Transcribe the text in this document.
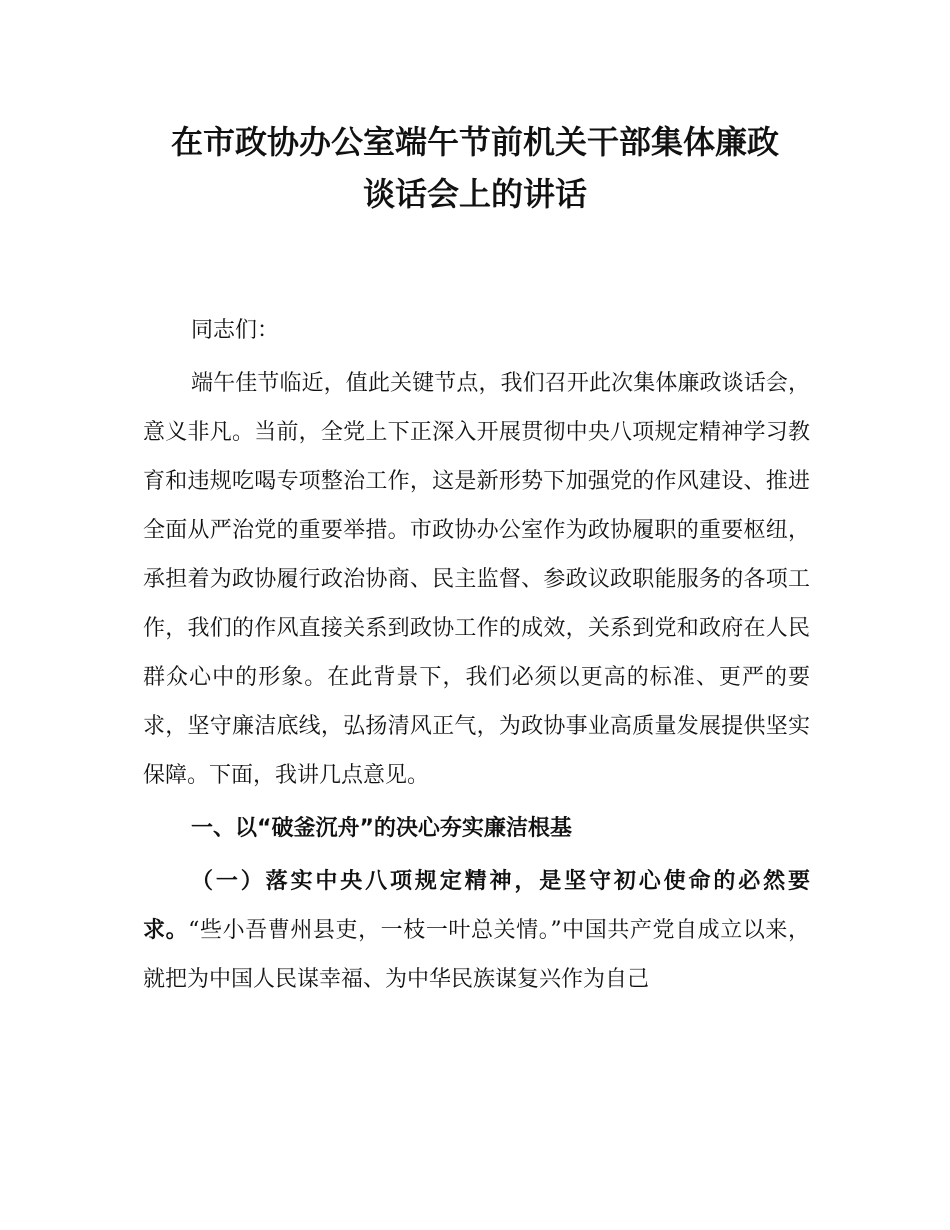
在市政协办公室端午节前机关干部集体廉政
谈话会上的讲话

同志们：

端午佳节临近，值此关键节点，我们召开此次集体廉政谈话会，意义非凡。当前，全党上下正深入开展贯彻中央八项规定精神学习教育和违规吃喝专项整治工作，这是新形势下加强党的作风建设、推进全面从严治党的重要举措。市政协办公室作为政协履职的重要枢纽，承担着为政协履行政治协商、民主监督、参政议政职能服务的各项工作，我们的作风直接关系到政协工作的成效，关系到党和政府在人民群众心中的形象。在此背景下，我们必须以更高的标准、更严的要求，坚守廉洁底线，弘扬清风正气，为政协事业高质量发展提供坚实保障。下面，我讲几点意见。

一、以“破釜沉舟”的决心夯实廉洁根基

（一）落实中央八项规定精神，是坚守初心使命的必然要求。“些小吾曹州县吏，一枝一叶总关情。”中国共产党自成立以来，就把为中国人民谋幸福、为中华民族谋复兴作为自己
